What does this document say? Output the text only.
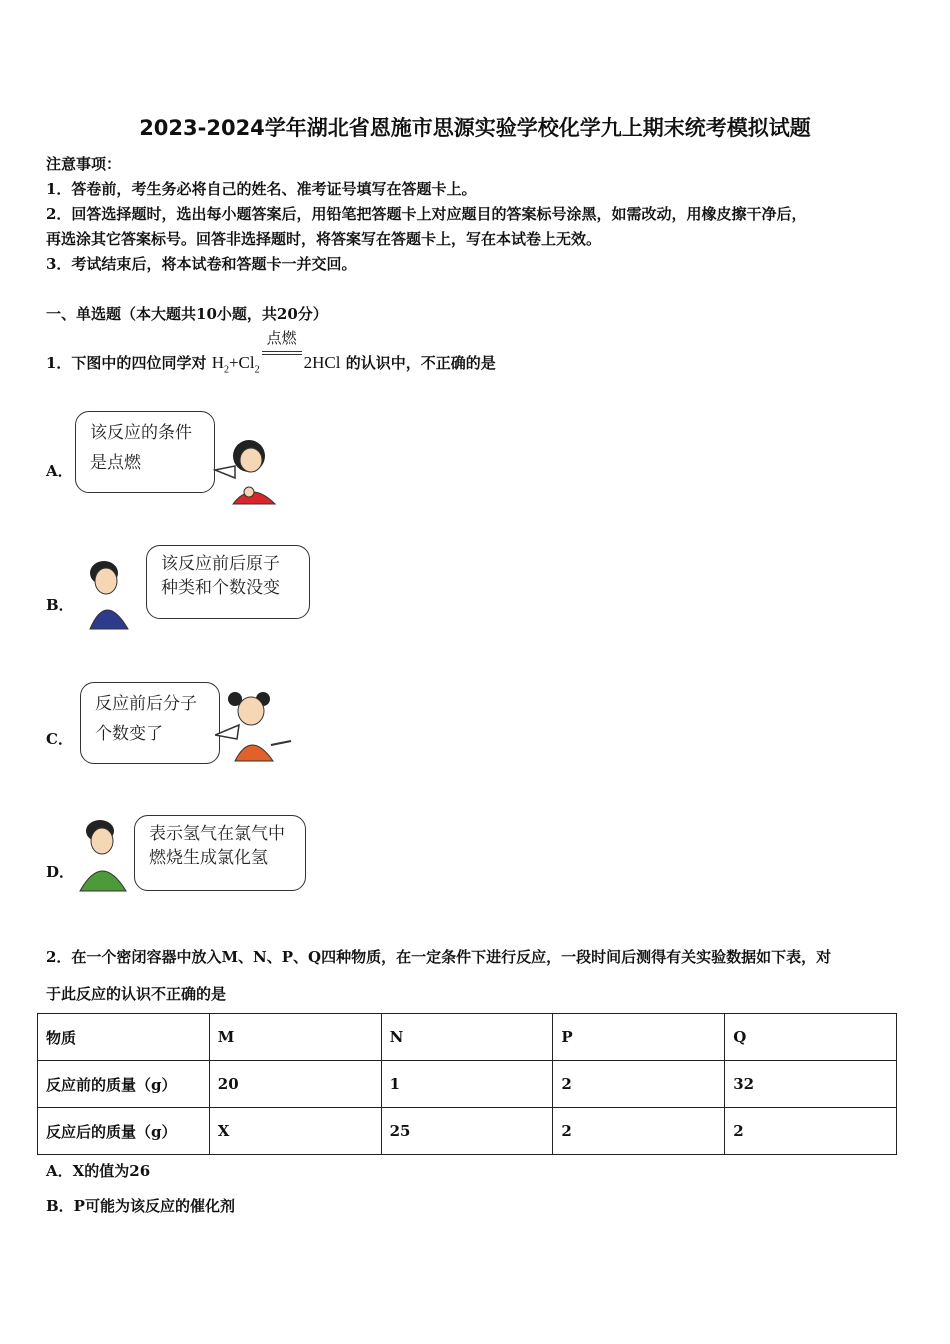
2023-2024学年湖北省恩施市思源实验学校化学九上期末统考模拟试题
注意事项：
1．答卷前，考生务必将自己的姓名、准考证号填写在答题卡上。
2．回答选择题时，选出每小题答案后，用铅笔把答题卡上对应题目的答案标号涂黑，如需改动，用橡皮擦干净后，
再选涂其它答案标号。回答非选择题时，将答案写在答题卡上，写在本试卷上无效。
3．考试结束后，将本试卷和答题卡一并交回。
一、单选题（本大题共10小题，共20分）
1．下图中的四位同学对 $H_2+Cl_2$
点燃
2HCl 的认识中，不正确的是
A．
该反应的条件
是点燃
B．
该反应前后原子
种类和个数没变
C．
反应前后分子
个数变了
D．
表示氢气在氯气中
燃烧生成氯化氢
2．在一个密闭容器中放入M、N、P、Q四种物质，在一定条件下进行反应，一段时间后测得有关实验数据如下表，对
于此反应的认识不正确的是
物质	M	N	P	Q
反应前的质量（g）	20	1	2	32
反应后的质量（g）	X	25	2	2
A．X的值为26
B．P可能为该反应的催化剂
